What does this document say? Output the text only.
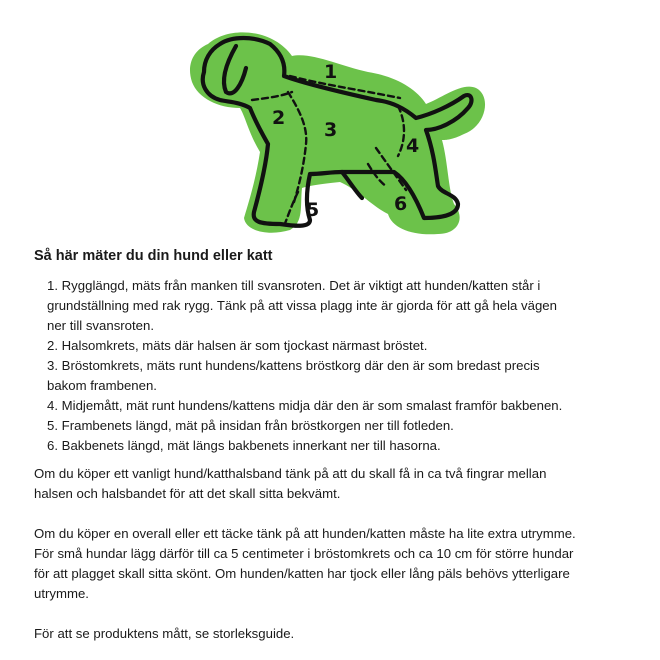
1
2
3
4
5	6
Så här mäter du din hund eller katt
1. Rygglängd, mäts från manken till svansroten. Det är viktigt att hunden/katten står i
grundställning med rak rygg. Tänk på att vissa plagg inte är gjorda för att gå hela vägen
ner till svansroten.
2. Halsomkrets, mäts där halsen är som tjockast närmast bröstet.
3. Bröstomkrets, mäts runt hundens/kattens bröstkorg där den är som bredast precis
bakom frambenen.
4. Midjemått, mät runt hundens/kattens midja där den är som smalast framför bakbenen.
5. Frambenets längd, mät på insidan från bröstkorgen ner till fotleden.
6. Bakbenets längd, mät längs bakbenets innerkant ner till hasorna.

Om du köper ett vanligt hund/katthalsband tänk på att du skall få in ca två fingrar mellan
halsen och halsbandet för att det skall sitta bekvämt.

Om du köper en overall eller ett täcke tänk på att hunden/katten måste ha lite extra utrymme.
För små hundar lägg därför till ca 5 centimeter i bröstomkrets och ca 10 cm för större hundar
för att plagget skall sitta skönt. Om hunden/katten har tjock eller lång päls behövs ytterligare
utrymme.

För att se produktens mått, se storleksguide.
